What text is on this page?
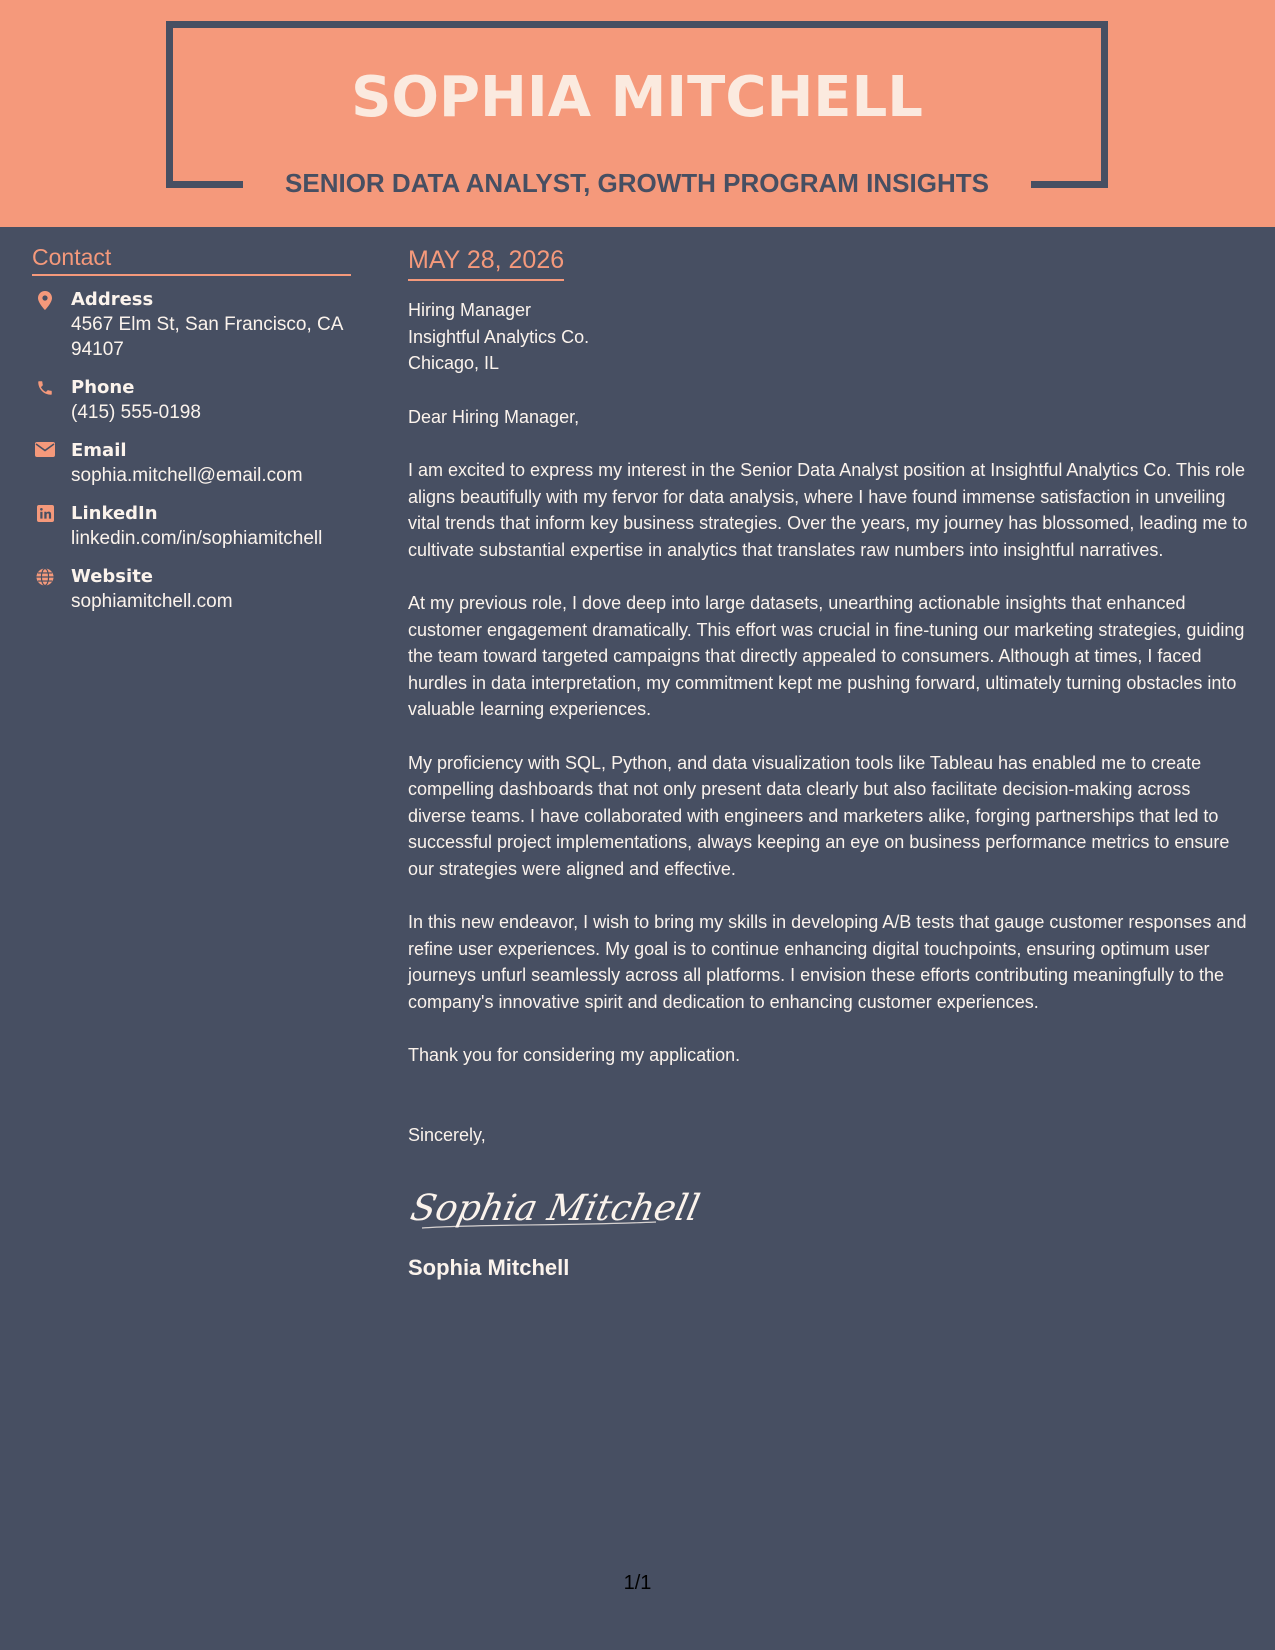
SOPHIA MITCHELL
SENIOR DATA ANALYST, GROWTH PROGRAM INSIGHTS
Contact
Address
4567 Elm St, San Francisco, CA 94107
Phone
(415) 555-0198
Email
sophia.mitchell@email.com
LinkedIn
linkedin.com/in/sophiamitchell
Website
sophiamitchell.com
MAY 28, 2026
Hiring Manager
Insightful Analytics Co.
Chicago, IL
Dear Hiring Manager,
I am excited to express my interest in the Senior Data Analyst position at Insightful Analytics Co. This role aligns beautifully with my fervor for data analysis, where I have found immense satisfaction in unveiling vital trends that inform key business strategies. Over the years, my journey has blossomed, leading me to cultivate substantial expertise in analytics that translates raw numbers into insightful narratives.
At my previous role, I dove deep into large datasets, unearthing actionable insights that enhanced customer engagement dramatically. This effort was crucial in fine-tuning our marketing strategies, guiding the team toward targeted campaigns that directly appealed to consumers. Although at times, I faced hurdles in data interpretation, my commitment kept me pushing forward, ultimately turning obstacles into valuable learning experiences.
My proficiency with SQL, Python, and data visualization tools like Tableau has enabled me to create compelling dashboards that not only present data clearly but also facilitate decision-making across diverse teams. I have collaborated with engineers and marketers alike, forging partnerships that led to successful project implementations, always keeping an eye on business performance metrics to ensure our strategies were aligned and effective.
In this new endeavor, I wish to bring my skills in developing A/B tests that gauge customer responses and refine user experiences. My goal is to continue enhancing digital touchpoints, ensuring optimum user journeys unfurl seamlessly across all platforms. I envision these efforts contributing meaningfully to the company's innovative spirit and dedication to enhancing customer experiences.
Thank you for considering my application.
Sincerely,
Sophia Mitchell
Sophia Mitchell
1/1
